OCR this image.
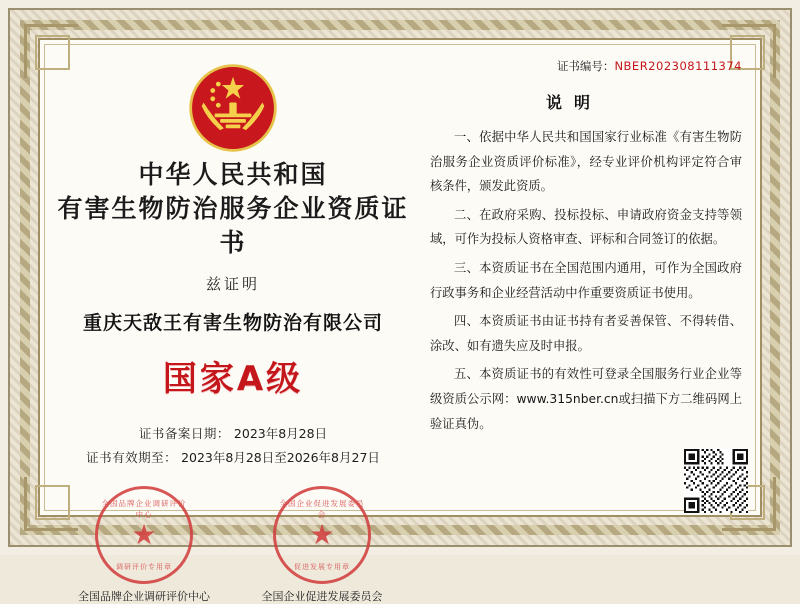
中华人民共和国
有害生物防治服务企业资质证书
兹证明
重庆天敌王有害生物防治有限公司
国家A级
证书备案日期： 2023年8月28日
证书有效期至： 2023年8月28日至2026年8月27日
全国品牌企业调研评价中心
★
调研评价专用章
全国品牌企业调研评价中心
全国企业促进发展委员会
★
促进发展专用章
全国企业促进发展委员会
证书编号：NBER202308111374
说明
一、依据中华人民共和国国家行业标准《有害生物防治服务企业资质评价标准》，经专业评价机构评定符合审核条件，颁发此资质。
二、在政府采购、投标投标、申请政府资金支持等领域，可作为投标人资格审查、评标和合同签订的依据。
三、本资质证书在全国范围内通用，可作为全国政府行政事务和企业经营活动中作重要资质证书使用。
四、本资质证书由证书持有者妥善保管、不得转借、涂改、如有遗失应及时申报。
五、本资质证书的有效性可登录全国服务行业企业等级资质公示网：www.315nber.cn或扫描下方二维码网上验证真伪。
